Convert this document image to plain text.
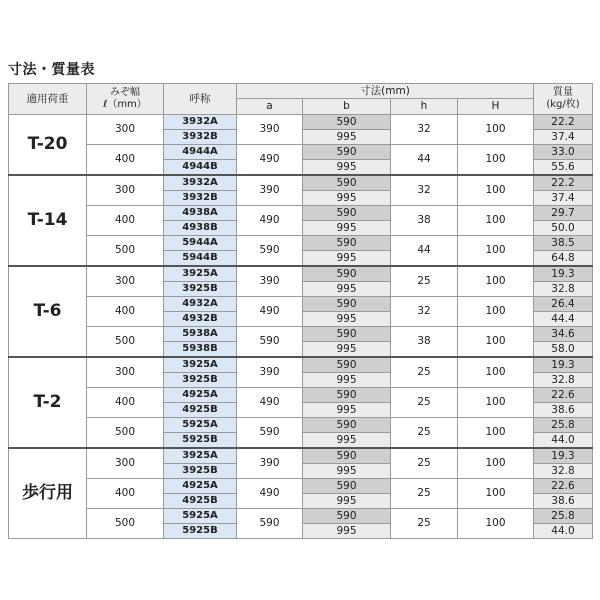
寸法・質量表
適用荷重	みぞ幅
ℓ（mm）	呼称	寸法(mm)				質量
(kg/枚)
			a	b	h	H	
T-20	300	3932A	390	590	32	100	22.2
		3932B		995			37.4
	400	4944A	490	590	44	100	33.0
		4944B		995			55.6
T-14	300	3932A	390	590	32	100	22.2
		3932B		995			37.4
	400	4938A	490	590	38	100	29.7
		4938B		995			50.0
	500	5944A	590	590	44	100	38.5
		5944B		995			64.8
T-6	300	3925A	390	590	25	100	19.3
		3925B		995			32.8
	400	4932A	490	590	32	100	26.4
		4932B		995			44.4
	500	5938A	590	590	38	100	34.6
		5938B		995			58.0
T-2	300	3925A	390	590	25	100	19.3
		3925B		995			32.8
	400	4925A	490	590	25	100	22.6
		4925B		995			38.6
	500	5925A	590	590	25	100	25.8
		5925B		995			44.0
歩行用	300	3925A	390	590	25	100	19.3
		3925B		995			32.8
	400	4925A	490	590	25	100	22.6
		4925B		995			38.6
	500	5925A	590	590	25	100	25.8
		5925B		995			44.0
